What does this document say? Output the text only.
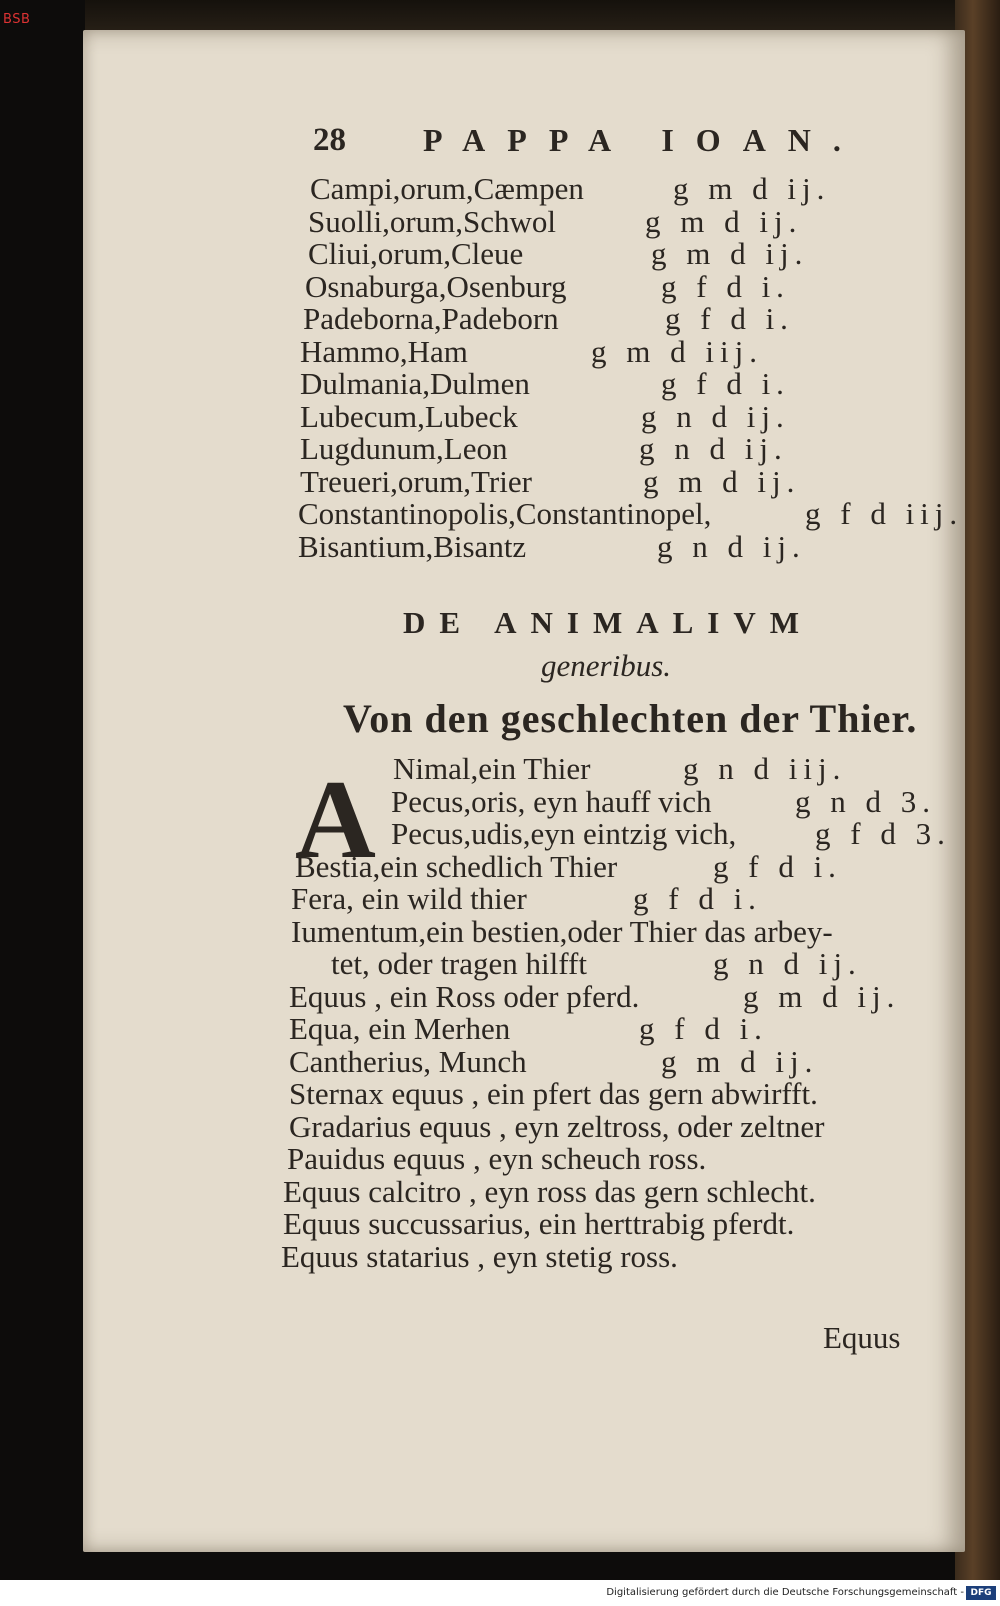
BSB
28 PAPPA IOAN.
Campi,orum,Cæmpen	g m d ij.
Suolli,orum,Schwol	g m d ij.
Cliui,orum,Cleue	g m d ij.
Osnaburga,Osenburg	g f d i.
Padeborna,Padeborn	g f d i.
Hammo,Ham	g m d iij.
Dulmania,Dulmen	g f d i.
Lubecum,Lubeck	g n d ij.
Lugdunum,Leon	g n d ij.
Treueri,orum,Trier	g m d ij.
Constantinopolis,Constantinopel,	g f d iij.
Bisantium,Bisantz	g n d ij.
DE ANIMALIVM
generibus.
Von den geschlechten der Thier.
A Nimal,ein Thier	g n d iij.
Pecus,oris, eyn hauff vich	g n d 3.
Pecus,udis,eyn eintzig vich,	g f d 3.
Bestia,ein schedlich Thier	g f d i.
Fera, ein wild thier	g f d i.
Iumentum,ein bestien,oder Thier das arbey-
tet, oder tragen hilfft	g n d ij.
Equus , ein Ross oder pferd.	g m d ij.
Equa, ein Merhen	g f d i.
Cantherius, Munch	g m d ij.
Sternax equus , ein pfert das gern abwirfft.
Gradarius equus , eyn zeltross, oder zeltner
Pauidus equus , eyn scheuch ross.
Equus calcitro , eyn ross das gern schlecht.
Equus succussarius, ein herttrabig pferdt.
Equus statarius , eyn stetig ross.
Equus
Digitalisierung gefördert durch die Deutsche Forschungsgemeinschaft - DFG
